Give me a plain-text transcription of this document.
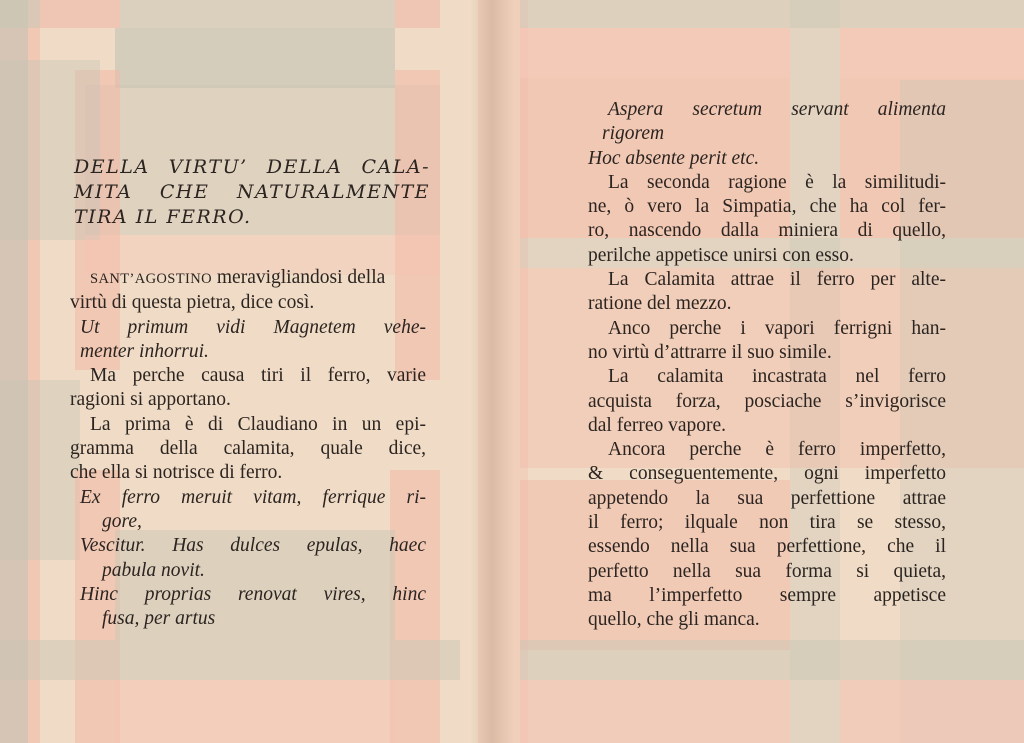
DELLA VIRTU’ DELLA CALA-
MITA CHE NATURALMENTE
TIRA IL FERRO.
SANT’AGOSTINO meravigliandosi della
virtù di questa pietra, dice così.
Ut primum vidi Magnetem vehe-
menter inhorrui.
Ma perche causa tiri il ferro, varie
ragioni si apportano.
La prima è di Claudiano in un epi-
gramma della calamita, quale dice,
che ella si notrisce di ferro.
Ex ferro meruit vitam, ferrique ri-
gore,
Vescitur. Has dulces epulas, haec
pabula novit.
Hinc proprias renovat vires, hinc
fusa, per artus
Aspera secretum servant alimenta
rigorem
Hoc absente perit etc.
La seconda ragione è la similitudi-
ne, ò vero la Simpatia, che ha col fer-
ro, nascendo dalla miniera di quello,
perilche appetisce unirsi con esso.
La Calamita attrae il ferro per alte-
ratione del mezzo.
Anco perche i vapori ferrigni han-
no virtù d’attrarre il suo simile.
La calamita incastrata nel ferro
acquista forza, posciache s’invigorisce
dal ferreo vapore.
Ancora perche è ferro imperfetto,
& conseguentemente, ogni imperfetto
appetendo la sua perfettione attrae
il ferro; ilquale non tira se stesso,
essendo nella sua perfettione, che il
perfetto nella sua forma si quieta,
ma l’imperfetto sempre appetisce
quello, che gli manca.
